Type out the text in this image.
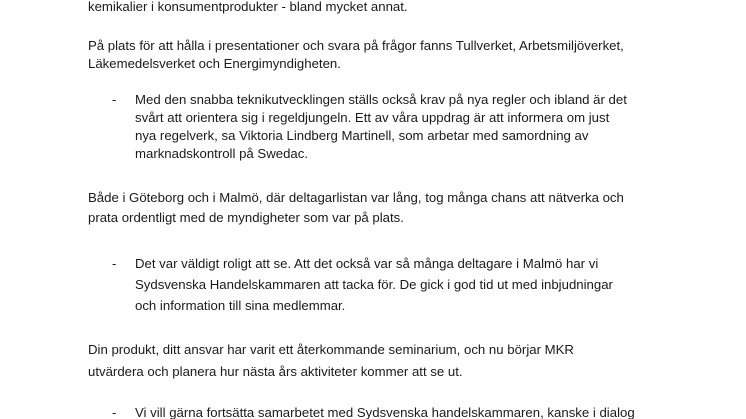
kemikalier i konsumentprodukter - bland mycket annat.
På plats för att hålla i presentationer och svara på frågor fanns Tullverket, Arbetsmiljöverket,
Läkemedelsverket och Energimyndigheten.
- Med den snabba teknikutvecklingen ställs också krav på nya regler och ibland är det
svårt att orientera sig i regeldjungeln. Ett av våra uppdrag är att informera om just
nya regelverk, sa Viktoria Lindberg Martinell, som arbetar med samordning av
marknadskontroll på Swedac.
Både i Göteborg och i Malmö, där deltagarlistan var lång, tog många chans att nätverka och
prata ordentligt med de myndigheter som var på plats.
- Det var väldigt roligt att se. Att det också var så många deltagare i Malmö har vi
Sydsvenska Handelskammaren att tacka för. De gick i god tid ut med inbjudningar
och information till sina medlemmar.
Din produkt, ditt ansvar har varit ett återkommande seminarium, och nu börjar MKR
utvärdera och planera hur nästa års aktiviteter kommer att se ut.
- Vi vill gärna fortsätta samarbetet med Sydsvenska handelskammaren, kanske i dialog
